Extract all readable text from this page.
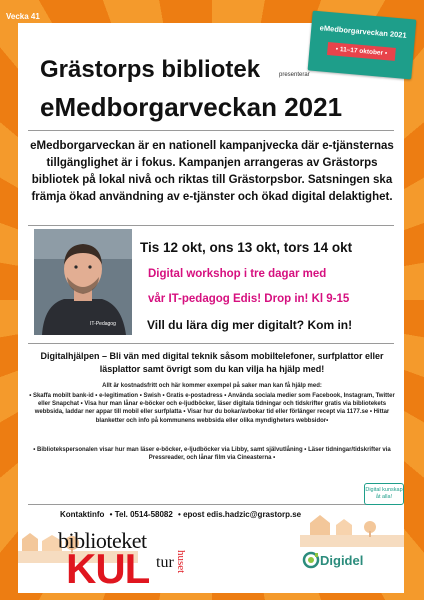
Vecka 41
eMedborgarveckan 2021
• 11–17 oktober •
Grästorps bibliotek	presenterar
eMedborgarveckan 2021
eMedborgarveckan är en nationell kampanjvecka där e-tjänsternas tillgänglighet är i fokus. Kampanjen arrangeras av Grästorps bibliotek på lokal nivå och riktas till Grästorpsbor. Satsningen ska främja ökad användning av e-tjänster och ökad digital delaktighet.
IT-Pedagog
Tis 12 okt, ons 13 okt, tors 14 okt
Digital workshop i tre dagar med
vår IT-pedagog Edis! Drop in! Kl 9-15
Vill du lära dig mer digitalt? Kom in!
Digitalhjälpen – Bli vän med digital teknik såsom mobiltelefoner, surfplattor eller läsplattor samt övrigt som du kan vilja ha hjälp med!
Allt är kostnadsfritt och här kommer exempel på saker man kan få hjälp med:
• Skaffa mobilt bank-id • e-legitimation • Swish • Gratis e-postadress • Använda sociala medier som Facebook, Instagram, Twitter eller Snapchat • Visa hur man lånar e-böcker och e-ljudböcker, läser digitala tidningar och tidskrifter gratis via bibliotekets webbsida, laddar ner appar till mobil eller surfplatta • Visar hur du bokar/avbokar tid eller förlänger recept via 1177.se • Hittar blanketter och info på kommunens webbsida eller olika myndigheters webbsidor•
• Bibliotekspersonalen visar hur man läser e-böcker, e-ljudböcker via Libby, samt självutlåning • Läser tidningar/tidskrifter via Pressreader, och lånar film via Cineasterna •
Kontaktinfo • Tel. 0514-58082 • epost edis.hadzic@grastorp.se
biblioteket
KUL tur huset
Digital kunskap
åt alla!
Digidel
